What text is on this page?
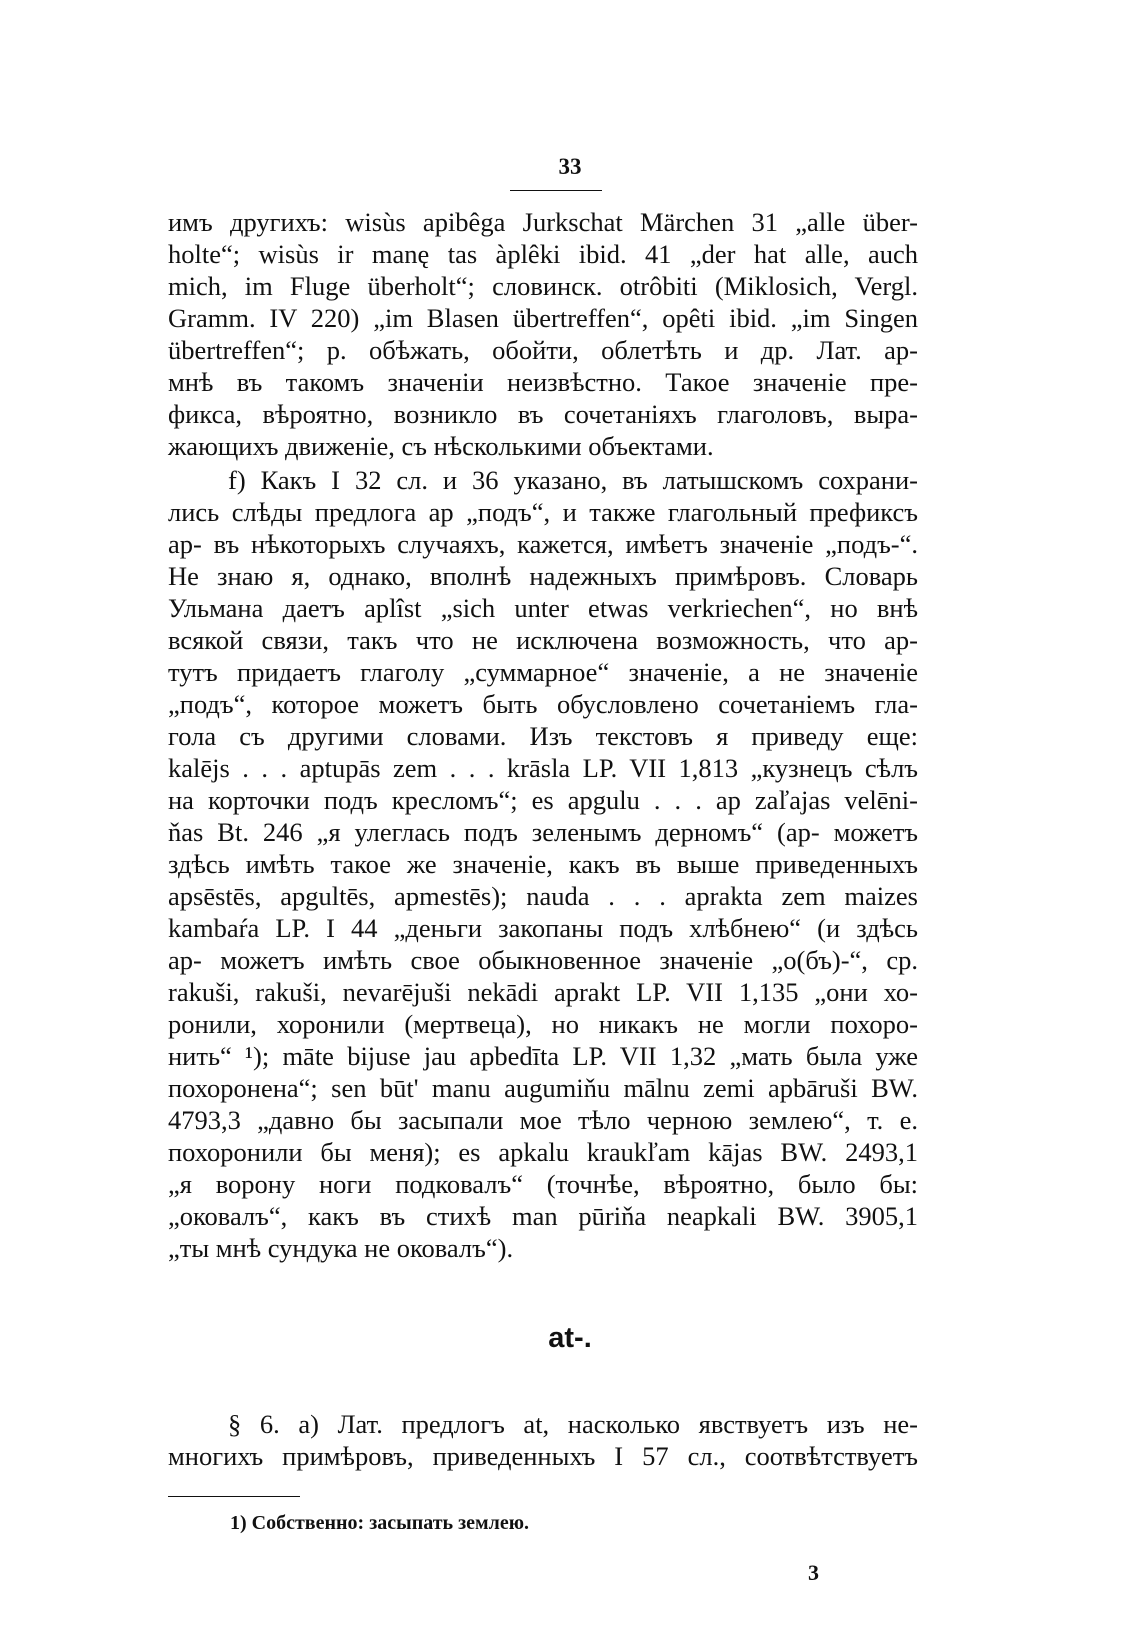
33
имъ другихъ: wisùs apibêga Jurkschat Märchen 31 „alle über-
holte“; wisùs ir manę tas àplêki ibid. 41 „der hat alle, auch
mich, im Fluge überholt“; словинск. otrôbiti (Miklosich, Vergl.
Gramm. IV 220) „im Blasen übertreffen“, opêti ibid. „im Singen
übertreffen“; р. обѣжать, обойти, облетѣть и др. Лат. ар-
мнѣ въ такомъ значеніи неизвѣстно. Такое значеніе пре-
фикса, вѣроятно, возникло въ сочетаніяхъ глаголовъ, выра-
жающихъ движеніе, съ нѣсколькими объектами.
f) Какъ I 32 сл. и 36 указано, въ латышскомъ сохрани-
лись слѣды предлога ap „подъ“, и также глагольный префиксъ
ap- въ нѣкоторыхъ случаяхъ, кажется, имѣетъ значеніе „подъ-“.
Не знаю я, однако, вполнѣ надежныхъ примѣровъ. Словарь
Ульмана даетъ aplîst „sich unter etwas verkriechen“, но внѣ
всякой связи, такъ что не исключена возможность, что ар-
тутъ придаетъ глаголу „суммарное“ значеніе, а не значеніе
„подъ“, которое можетъ быть обусловлено сочетаніемъ гла-
гола съ другими словами. Изъ текстовъ я приведу еще:
kalējs . . . aptupās zem . . . krāsla LP. VII 1,813 „кузнецъ сѣлъ
на корточки подъ кресломъ“; es apgulu . . . ap zaľajas velēni-
ňas Bt. 246 „я улеглась подъ зеленымъ дерномъ“ (ap- можетъ
здѣсь имѣть такое же значеніе, какъ въ выше приведенныхъ
apsēstēs, apgultēs, apmestēs); nauda . . . aprakta zem maizes
kambaŕa LP. I 44 „деньги закопаны подъ хлѣбнею“ (и здѣсь
ap- можетъ имѣть свое обыкновенное значеніе „о(бъ)-“, ср.
rakuši, rakuši, nevarējuši nekādi aprakt LP. VII 1,135 „они хо-
ронили, хоронили (мертвеца), но никакъ не могли похоро-
нить“ ¹); māte bijuse jau apbedīta LP. VII 1,32 „мать была уже
похоронена“; sen būt' manu augumiňu mālnu zemi apbāruši BW.
4793,3 „давно бы засыпали мое тѣло черною землею“, т. е.
похоронили бы меня); es apkalu kraukľam kājas BW. 2493,1
„я ворону ноги подковалъ“ (точнѣе, вѣроятно, было бы:
„оковалъ“, какъ въ стихѣ man pūriňa neapkali BW. 3905,1
„ты мнѣ сундука не оковалъ“).
at-.
§ 6. a) Лат. предлогъ at, насколько явствуетъ изъ не-
многихъ примѣровъ, приведенныхъ I 57 сл., соотвѣтствуетъ
1) Собственно: засыпать землею.
3
